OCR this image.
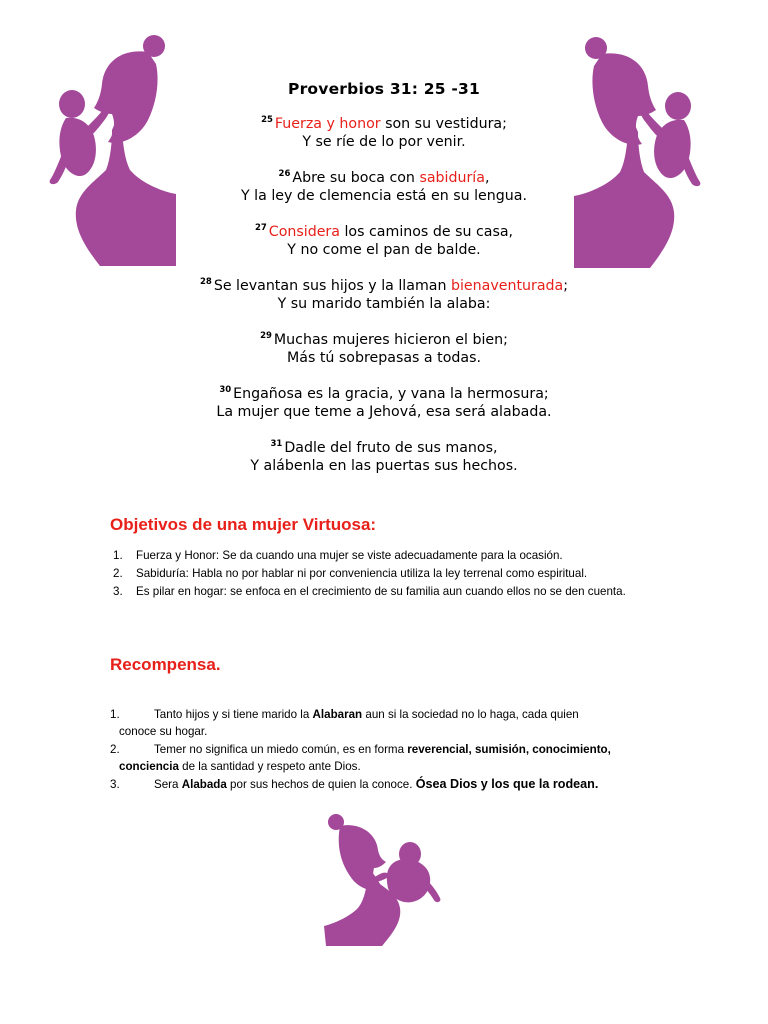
Proverbios 31: 25 -31

$^{25}$ Fuerza y honor son su vestidura;
Y se ríe de lo por venir.

$^{26}$ Abre su boca con sabiduría,
Y la ley de clemencia está en su lengua.

$^{27}$ Considera los caminos de su casa,
Y no come el pan de balde.

$^{28}$ Se levantan sus hijos y la llaman bienaventurada;
Y su marido también la alaba:

$^{29}$ Muchas mujeres hicieron el bien;
Más tú sobrepasas a todas.

$^{30}$ Engañosa es la gracia, y vana la hermosura;
La mujer que teme a Jehová, esa será alabada.

$^{31}$ Dadle del fruto de sus manos,
Y alábenla en las puertas sus hechos.

Objetivos de una mujer Virtuosa:
1. Fuerza y Honor: Se da cuando una mujer se viste adecuadamente para la ocasión.
2. Sabiduría: Habla no por hablar ni por conveniencia utiliza la ley terrenal como espiritual.
3. Es pilar en hogar: se enfoca en el crecimiento de su familia aun cuando ellos no se den cuenta.
Recompensa.
1.	Tanto hijos y si tiene marido la Alabaran aun si la sociedad no lo haga, cada quien
conoce su hogar.
2.	Temer no significa un miedo común, es en forma reverencial, sumisión, conocimiento,
conciencia de la santidad y respeto ante Dios.
3.	Sera Alabada por sus hechos de quien la conoce. Ósea Dios y los que la rodean.
